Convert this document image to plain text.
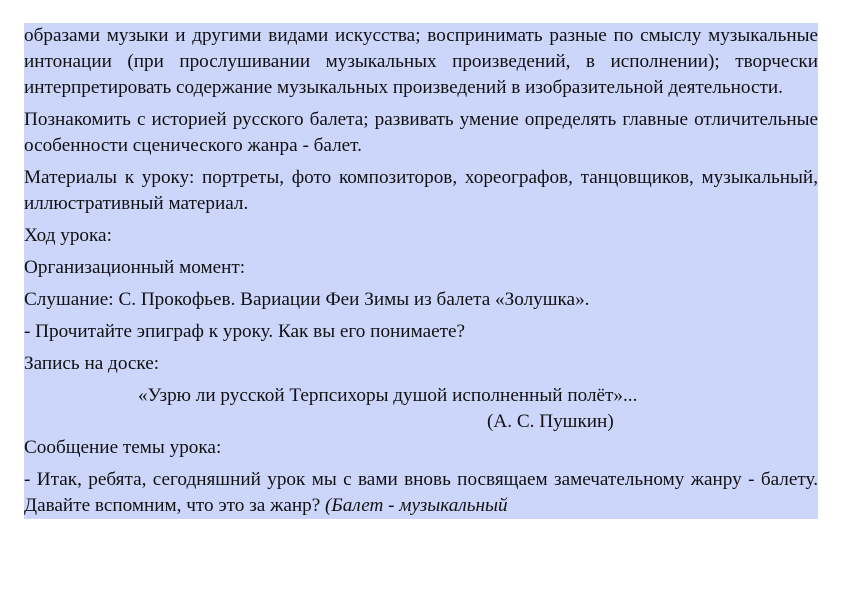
образами музыки и другими видами искусства; воспринимать разные по смыслу музыкальные интонации (при прослушивании музыкальных произведений, в исполнении); творчески интерпретировать содержание музыкальных произведений в изобразительной деятельности.

Познакомить с историей русского балета; развивать умение определять главные отличительные особенности сценического жанра - балет.

Материалы к уроку: портреты, фото композиторов, хореографов, танцовщиков, музыкальный, иллюстративный материал.

Ход урока:

Организационный момент:

Слушание: С. Прокофьев. Вариации Феи Зимы из балета «Золушка».

- Прочитайте эпиграф к уроку. Как вы его понимаете?

Запись на доске:

«Узрю ли русской Терпсихоры душой исполненный полёт»...

(А. С. Пушкин)

Сообщение темы урока:

- Итак, ребята, сегодняшний урок мы с вами вновь посвящаем замечательному жанру - балету. Давайте вспомним, что это за жанр? (Балет - музыкальный
